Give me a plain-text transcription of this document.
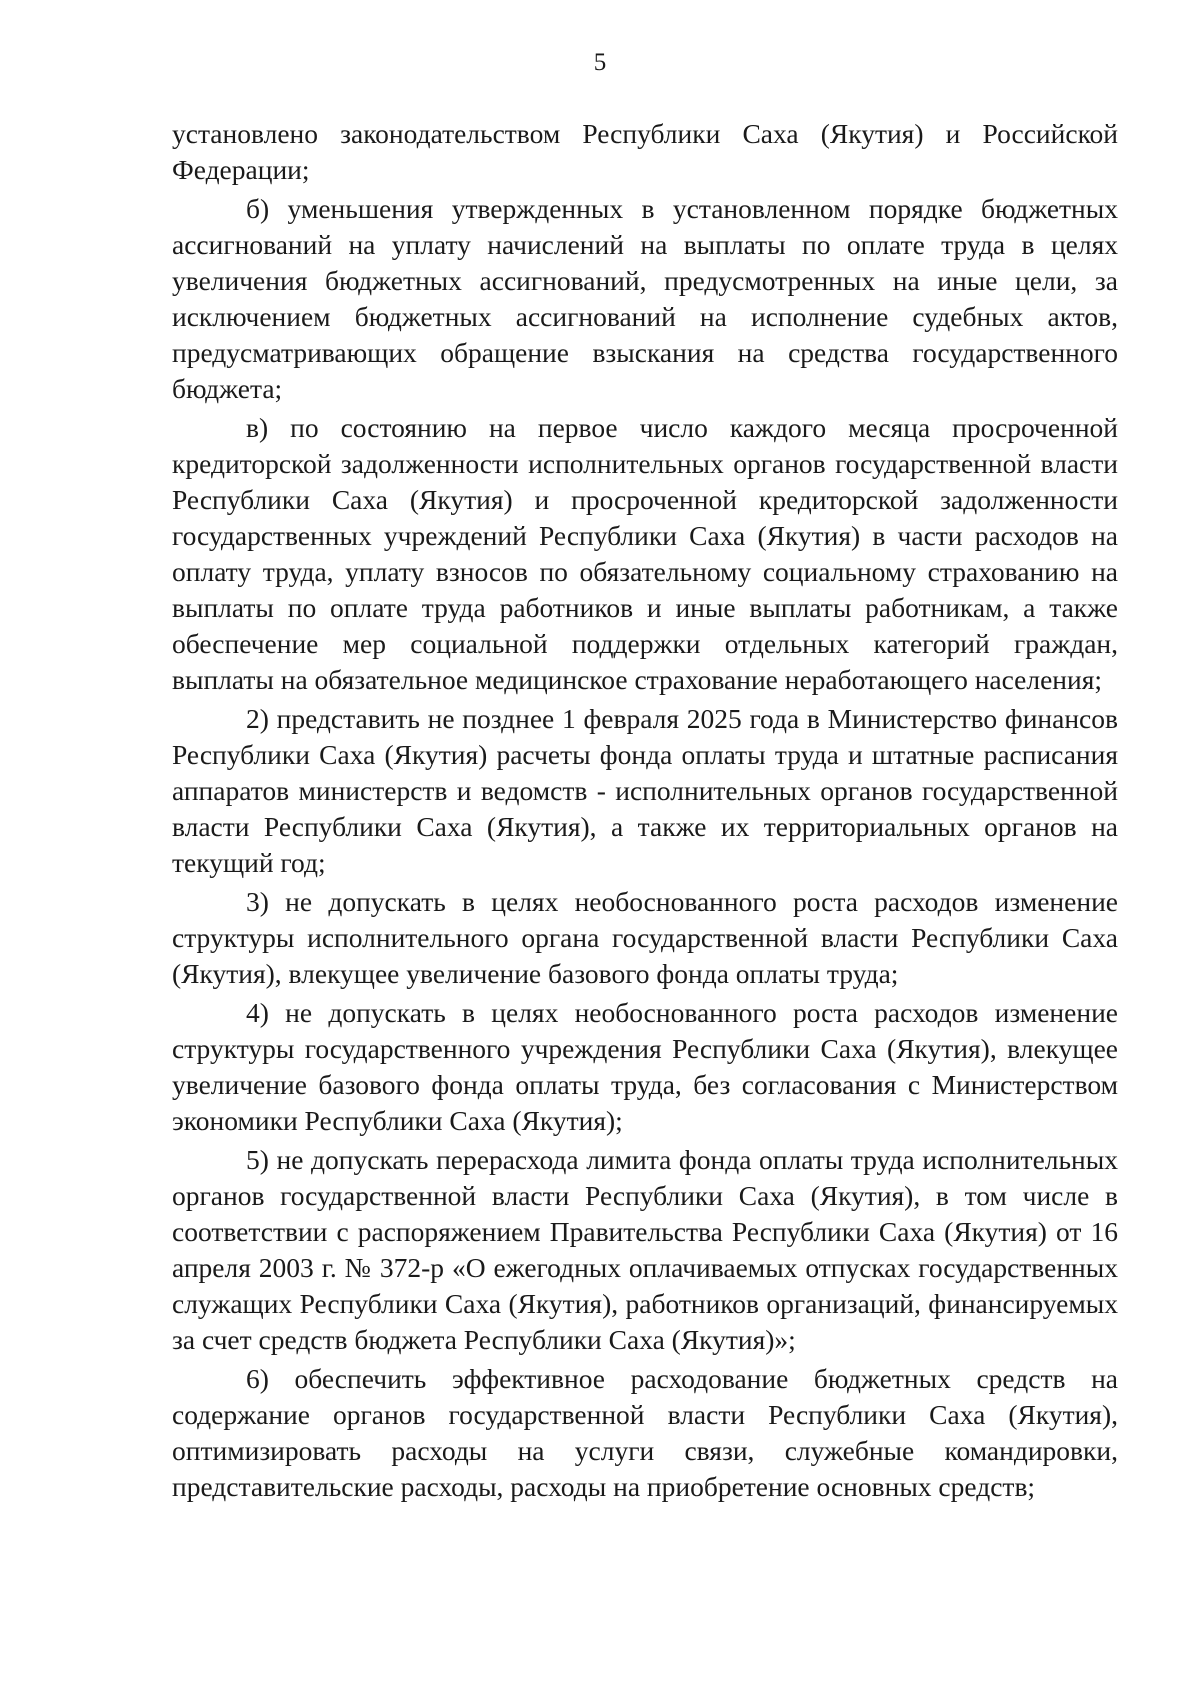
5

установлено законодательством Республики Саха (Якутия) и Российской Федерации;

б) уменьшения утвержденных в установленном порядке бюджетных ассигнований на уплату начислений на выплаты по оплате труда в целях увеличения бюджетных ассигнований, предусмотренных на иные цели, за исключением бюджетных ассигнований на исполнение судебных актов, предусматривающих обращение взыскания на средства государственного бюджета;

в) по состоянию на первое число каждого месяца просроченной кредиторской задолженности исполнительных органов государственной власти Республики Саха (Якутия) и просроченной кредиторской задолженности государственных учреждений Республики Саха (Якутия) в части расходов на оплату труда, уплату взносов по обязательному социальному страхованию на выплаты по оплате труда работников и иные выплаты работникам, а также обеспечение мер социальной поддержки отдельных категорий граждан, выплаты на обязательное медицинское страхование неработающего населения;

2) представить не позднее 1 февраля 2025 года в Министерство финансов Республики Саха (Якутия) расчеты фонда оплаты труда и штатные расписания аппаратов министерств и ведомств - исполнительных органов государственной власти Республики Саха (Якутия), а также их территориальных органов на текущий год;

3) не допускать в целях необоснованного роста расходов изменение структуры исполнительного органа государственной власти Республики Саха (Якутия), влекущее увеличение базового фонда оплаты труда;

4) не допускать в целях необоснованного роста расходов изменение структуры государственного учреждения Республики Саха (Якутия), влекущее увеличение базового фонда оплаты труда, без согласования с Министерством экономики Республики Саха (Якутия);

5) не допускать перерасхода лимита фонда оплаты труда исполнительных органов государственной власти Республики Саха (Якутия), в том числе в соответствии с распоряжением Правительства Республики Саха (Якутия) от 16 апреля 2003 г. № 372-р «О ежегодных оплачиваемых отпусках государственных служащих Республики Саха (Якутия), работников организаций, финансируемых за счет средств бюджета Республики Саха (Якутия)»;

6) обеспечить эффективное расходование бюджетных средств на содержание органов государственной власти Республики Саха (Якутия), оптимизировать расходы на услуги связи, служебные командировки, представительские расходы, расходы на приобретение основных средств;
